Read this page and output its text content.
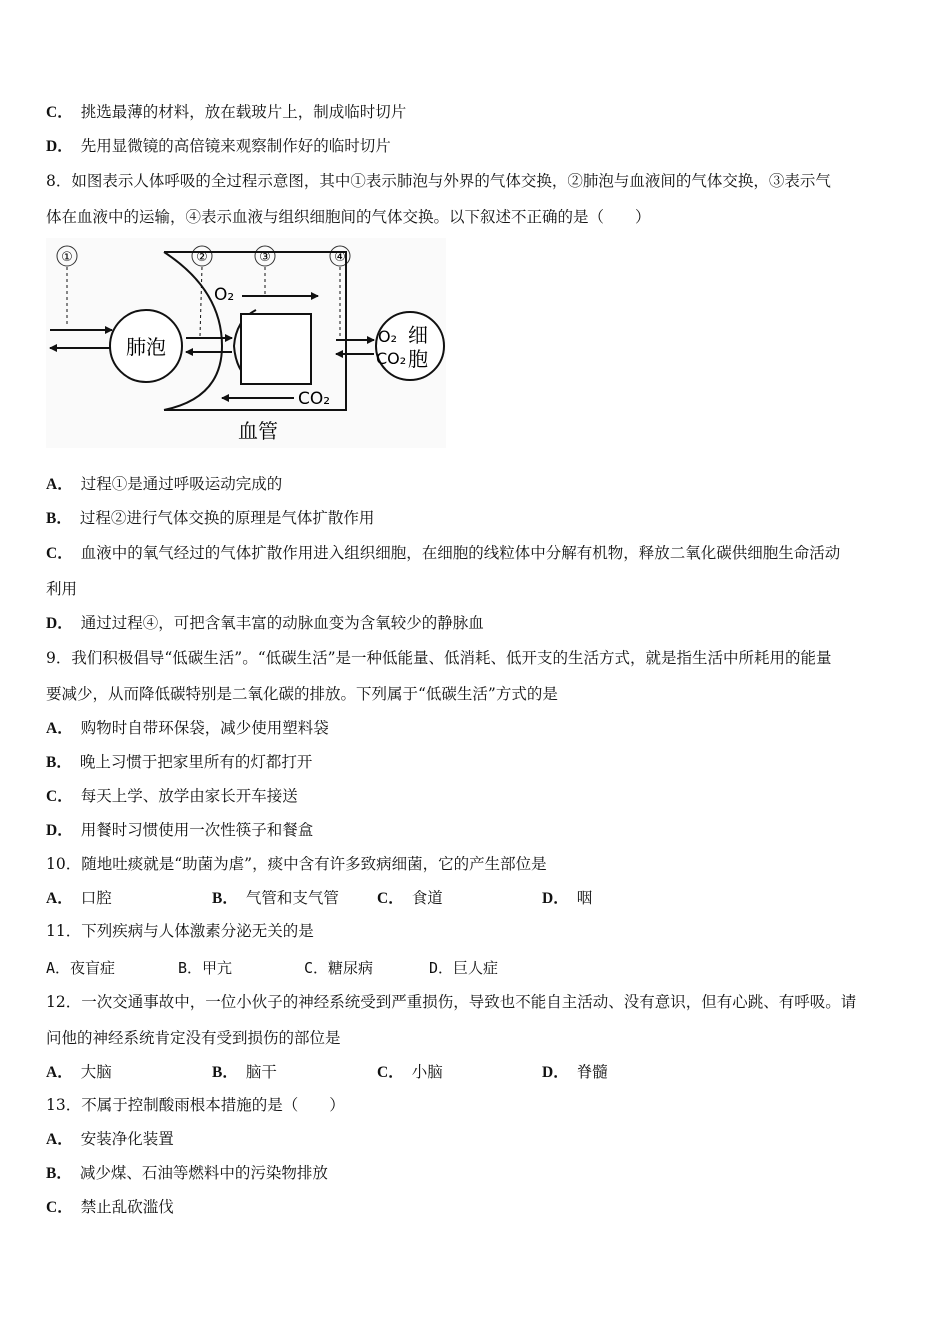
C． 挑选最薄的材料，放在载玻片上，制成临时切片
D． 先用显微镜的高倍镜来观察制作好的临时切片
8．如图表示人体呼吸的全过程示意图，其中①表示肺泡与外界的气体交换，②肺泡与血液间的气体交换，③表示气
体在血液中的运输，④表示血液与组织细胞间的气体交换。以下叙述不正确的是（　　）
①	②	③	④
肺泡
O₂
CO₂
O₂
CO₂
细
胞
血管
A． 过程①是通过呼吸运动完成的
B． 过程②进行气体交换的原理是气体扩散作用
C． 血液中的氧气经过的气体扩散作用进入组织细胞，在细胞的线粒体中分解有机物，释放二氧化碳供细胞生命活动
利用
D． 通过过程④，可把含氧丰富的动脉血变为含氧较少的静脉血
9．我们积极倡导“低碳生活”。“低碳生活”是一种低能量、低消耗、低开支的生活方式，就是指生活中所耗用的能量
要减少，从而降低碳特别是二氧化碳的排放。下列属于“低碳生活”方式的是
A． 购物时自带环保袋，减少使用塑料袋
B． 晚上习惯于把家里所有的灯都打开
C． 每天上学、放学由家长开车接送
D． 用餐时习惯使用一次性筷子和餐盒
10．随地吐痰就是“助菌为虐”，痰中含有许多致病细菌，它的产生部位是
A． 口腔	B． 气管和支气管 C． 食道	D． 咽
11．下列疾病与人体激素分泌无关的是
A．夜盲症	B．甲亢	C．糖尿病	D．巨人症
12．一次交通事故中，一位小伙子的神经系统受到严重损伤，导致也不能自主活动、没有意识，但有心跳、有呼吸。请
问他的神经系统肯定没有受到损伤的部位是
A． 大脑	B． 脑干	C． 小脑	D． 脊髓
13．不属于控制酸雨根本措施的是（　　）
A． 安装净化装置
B． 减少煤、石油等燃料中的污染物排放
C． 禁止乱砍滥伐
